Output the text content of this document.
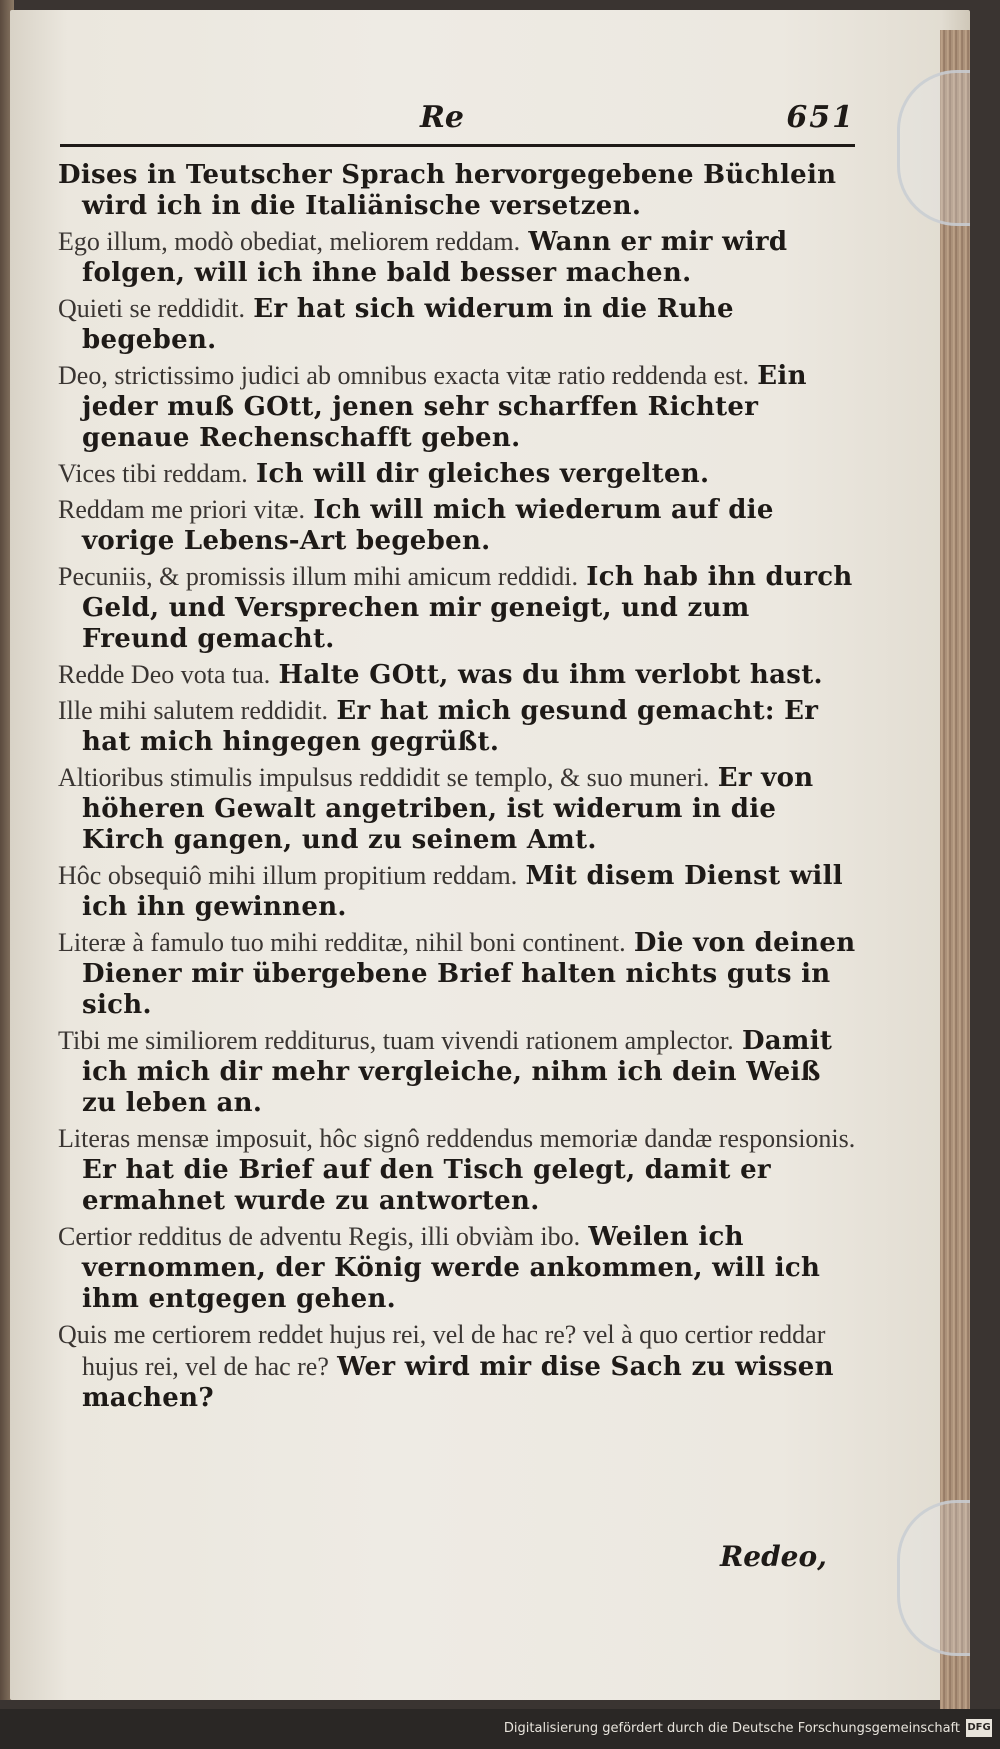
Re	651
Dises in Teutscher Sprach hervorgegebene Büchlein wird ich in die Italiänische versetzen.
Ego illum, modò obediat, meliorem reddam. Wann er mir wird folgen, will ich ihne bald besser machen.
Quieti se reddidit. Er hat sich widerum in die Ruhe begeben.
Deo, strictissimo judici ab omnibus exacta vitæ ratio reddenda est. Ein jeder muß GOtt, jenen sehr scharffen Richter genaue Rechenschafft geben.
Vices tibi reddam. Ich will dir gleiches vergelten.
Reddam me priori vitæ. Ich will mich wiederum auf die vorige Lebens-Art begeben.
Pecuniis, & promissis illum mihi amicum reddidi. Ich hab ihn durch Geld, und Versprechen mir geneigt, und zum Freund gemacht.
Redde Deo vota tua. Halte GOtt, was du ihm verlobt hast.
Ille mihi salutem reddidit. Er hat mich gesund gemacht: Er hat mich hingegen gegrüßt.
Altioribus stimulis impulsus reddidit se templo, & suo muneri. Er von höheren Gewalt angetriben, ist widerum in die Kirch gangen, und zu seinem Amt.
Hôc obsequiô mihi illum propitium reddam. Mit disem Dienst will ich ihn gewinnen.
Literæ à famulo tuo mihi redditæ, nihil boni continent. Die von deinen Diener mir übergebene Brief halten nichts guts in sich.
Tibi me similiorem redditurus, tuam vivendi rationem amplector. Damit ich mich dir mehr vergleiche, nihm ich dein Weiß zu leben an.
Literas mensæ imposuit, hôc signô reddendus memoriæ dandæ responsionis. Er hat die Brief auf den Tisch gelegt, damit er ermahnet wurde zu antworten.
Certior redditus de adventu Regis, illi obviàm ibo. Weilen ich vernommen, der König werde ankommen, will ich ihm entgegen gehen.
Quis me certiorem reddet hujus rei, vel de hac re? vel à quo certior reddar hujus rei, vel de hac re? Wer wird mir dise Sach zu wissen machen?
Redeo,
Digitalisierung gefördert durch die Deutsche Forschungsgemeinschaft DFG
